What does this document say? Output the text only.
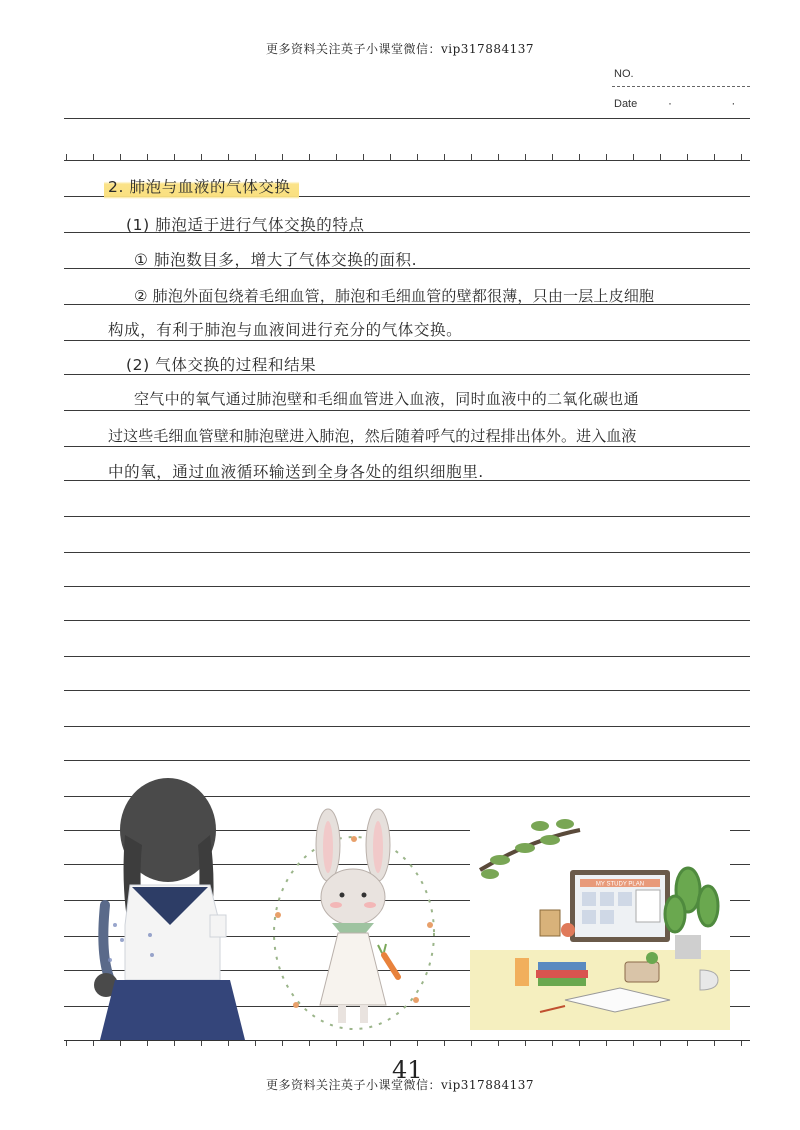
更多资料关注英子小课堂微信：vip317884137
NO.
Date	· ·
2. 肺泡与血液的气体交换
(1) 肺泡适于进行气体交换的特点
① 肺泡数目多，增大了气体交换的面积.
② 肺泡外面包绕着毛细血管，肺泡和毛细血管的壁都很薄，只由一层上皮细胞
构成，有利于肺泡与血液间进行充分的气体交换。
(2) 气体交换的过程和结果
空气中的氧气通过肺泡壁和毛细血管进入血液，同时血液中的二氧化碳也通
过这些毛细血管壁和肺泡壁进入肺泡，然后随着呼气的过程排出体外。进入血液
中的氧，通过血液循环输送到全身各处的组织细胞里.
MY STUDY PLAN
41
更多资料关注英子小课堂微信：vip317884137
